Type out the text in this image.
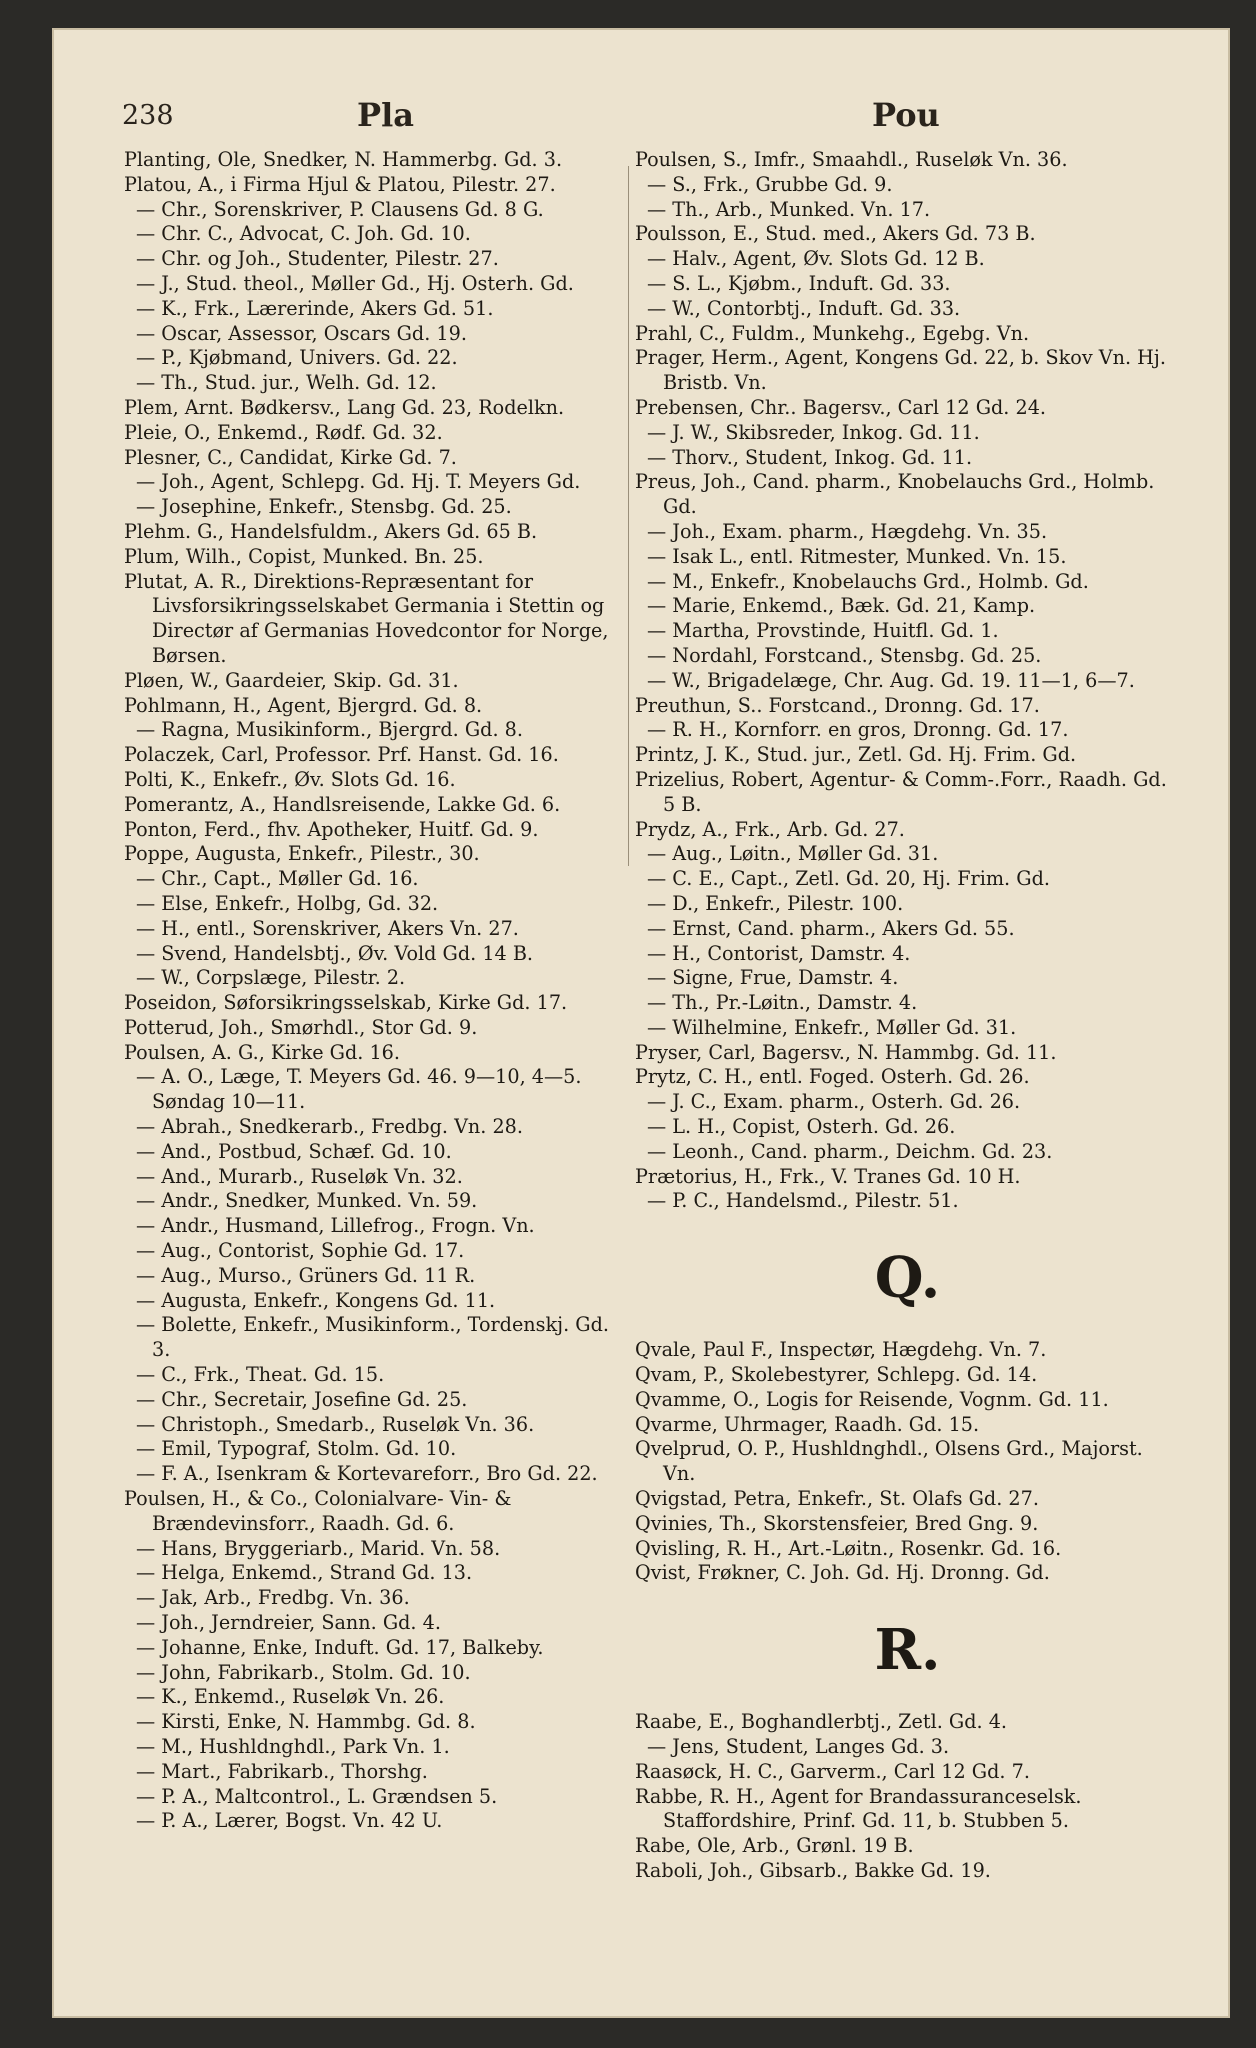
238	Pla	Pou
Planting, Ole, Snedker, N. Hammerbg. Gd. 3.
Platou, A., i Firma Hjul & Platou, Pilestr. 27.
— Chr., Sorenskriver, P. Clausens Gd. 8 G.
— Chr. C., Advocat, C. Joh. Gd. 10.
— Chr. og Joh., Studenter, Pilestr. 27.
— J., Stud. theol., Møller Gd., Hj. Osterh. Gd.
— K., Frk., Lærerinde, Akers Gd. 51.
— Oscar, Assessor, Oscars Gd. 19.
— P., Kjøbmand, Univers. Gd. 22.
— Th., Stud. jur., Welh. Gd. 12.
Plem, Arnt. Bødkersv., Lang Gd. 23, Rodelkn.
Pleie, O., Enkemd., Rødf. Gd. 32.
Plesner, C., Candidat, Kirke Gd. 7.
— Joh., Agent, Schlepg. Gd. Hj. T. Meyers Gd.
— Josephine, Enkefr., Stensbg. Gd. 25.
Plehm. G., Handelsfuldm., Akers Gd. 65 B.
Plum, Wilh., Copist, Munked. Bn. 25.
Plutat, A. R., Direktions-Repræsentant for Livsforsikringsselskabet Germania i Stettin og Directør af Germanias Hovedcontor for Norge, Børsen.
Pløen, W., Gaardeier, Skip. Gd. 31.
Pohlmann, H., Agent, Bjergrd. Gd. 8.
— Ragna, Musikinform., Bjergrd. Gd. 8.
Polaczek, Carl, Professor. Prf. Hanst. Gd. 16.
Polti, K., Enkefr., Øv. Slots Gd. 16.
Pomerantz, A., Handlsreisende, Lakke Gd. 6.
Ponton, Ferd., fhv. Apotheker, Huitf. Gd. 9.
Poppe, Augusta, Enkefr., Pilestr., 30.
— Chr., Capt., Møller Gd. 16.
— Else, Enkefr., Holbg, Gd. 32.
— H., entl., Sorenskriver, Akers Vn. 27.
— Svend, Handelsbtj., Øv. Vold Gd. 14 B.
— W., Corpslæge, Pilestr. 2.
Poseidon, Søforsikringsselskab, Kirke Gd. 17.
Potterud, Joh., Smørhdl., Stor Gd. 9.
Poulsen, A. G., Kirke Gd. 16.
— A. O., Læge, T. Meyers Gd. 46. 9—10, 4—5. Søndag 10—11.
— Abrah., Snedkerarb., Fredbg. Vn. 28.
— And., Postbud, Schæf. Gd. 10.
— And., Murarb., Ruseløk Vn. 32.
— Andr., Snedker, Munked. Vn. 59.
— Andr., Husmand, Lillefrog., Frogn. Vn.
— Aug., Contorist, Sophie Gd. 17.
— Aug., Murso., Grüners Gd. 11 R.
— Augusta, Enkefr., Kongens Gd. 11.
— Bolette, Enkefr., Musikinform., Tordenskj. Gd. 3.
— C., Frk., Theat. Gd. 15.
— Chr., Secretair, Josefine Gd. 25.
— Christoph., Smedarb., Ruseløk Vn. 36.
— Emil, Typograf, Stolm. Gd. 10.
— F. A., Isenkram & Kortevareforr., Bro Gd. 22.
Poulsen, H., & Co., Colonialvare- Vin- & Brændevinsforr., Raadh. Gd. 6.
— Hans, Bryggeriarb., Marid. Vn. 58.
— Helga, Enkemd., Strand Gd. 13.
— Jak, Arb., Fredbg. Vn. 36.
— Joh., Jerndreier, Sann. Gd. 4.
— Johanne, Enke, Induft. Gd. 17, Balkeby.
— John, Fabrikarb., Stolm. Gd. 10.
— K., Enkemd., Ruseløk Vn. 26.
— Kirsti, Enke, N. Hammbg. Gd. 8.
— M., Hushldnghdl., Park Vn. 1.
— Mart., Fabrikarb., Thorshg.
— P. A., Maltcontrol., L. Grændsen 5.
— P. A., Lærer, Bogst. Vn. 42 U.
Poulsen, S., Imfr., Smaahdl., Ruseløk Vn. 36.
— S., Frk., Grubbe Gd. 9.
— Th., Arb., Munked. Vn. 17.
Poulsson, E., Stud. med., Akers Gd. 73 B.
— Halv., Agent, Øv. Slots Gd. 12 B.
— S. L., Kjøbm., Induft. Gd. 33.
— W., Contorbtj., Induft. Gd. 33.
Prahl, C., Fuldm., Munkehg., Egebg. Vn.
Prager, Herm., Agent, Kongens Gd. 22, b. Skov Vn. Hj. Bristb. Vn.
Prebensen, Chr.. Bagersv., Carl 12 Gd. 24.
— J. W., Skibsreder, Inkog. Gd. 11.
— Thorv., Student, Inkog. Gd. 11.
Preus, Joh., Cand. pharm., Knobelauchs Grd., Holmb. Gd.
— Joh., Exam. pharm., Hægdehg. Vn. 35.
— Isak L., entl. Ritmester, Munked. Vn. 15.
— M., Enkefr., Knobelauchs Grd., Holmb. Gd.
— Marie, Enkemd., Bæk. Gd. 21, Kamp.
— Martha, Provstinde, Huitfl. Gd. 1.
— Nordahl, Forstcand., Stensbg. Gd. 25.
— W., Brigadelæge, Chr. Aug. Gd. 19. 11—1, 6—7.
Preuthun, S.. Forstcand., Dronng. Gd. 17.
— R. H., Kornforr. en gros, Dronng. Gd. 17.
Printz, J. K., Stud. jur., Zetl. Gd. Hj. Frim. Gd.
Prizelius, Robert, Agentur- & Comm-.Forr., Raadh. Gd. 5 B.
Prydz, A., Frk., Arb. Gd. 27.
— Aug., Løitn., Møller Gd. 31.
— C. E., Capt., Zetl. Gd. 20, Hj. Frim. Gd.
— D., Enkefr., Pilestr. 100.
— Ernst, Cand. pharm., Akers Gd. 55.
— H., Contorist, Damstr. 4.
— Signe, Frue, Damstr. 4.
— Th., Pr.-Løitn., Damstr. 4.
— Wilhelmine, Enkefr., Møller Gd. 31.
Pryser, Carl, Bagersv., N. Hammbg. Gd. 11.
Prytz, C. H., entl. Foged. Osterh. Gd. 26.
— J. C., Exam. pharm., Osterh. Gd. 26.
— L. H., Copist, Osterh. Gd. 26.
— Leonh., Cand. pharm., Deichm. Gd. 23.
Prætorius, H., Frk., V. Tranes Gd. 10 H.
— P. C., Handelsmd., Pilestr. 51.
Q.
Qvale, Paul F., Inspectør, Hægdehg. Vn. 7.
Qvam, P., Skolebestyrer, Schlepg. Gd. 14.
Qvamme, O., Logis for Reisende, Vognm. Gd. 11.
Qvarme, Uhrmager, Raadh. Gd. 15.
Qvelprud, O. P., Hushldnghdl., Olsens Grd., Majorst. Vn.
Qvigstad, Petra, Enkefr., St. Olafs Gd. 27.
Qvinies, Th., Skorstensfeier, Bred Gng. 9.
Qvisling, R. H., Art.-Løitn., Rosenkr. Gd. 16.
Qvist, Frøkner, C. Joh. Gd. Hj. Dronng. Gd.
R.
Raabe, E., Boghandlerbtj., Zetl. Gd. 4.
— Jens, Student, Langes Gd. 3.
Raasøck, H. C., Garverm., Carl 12 Gd. 7.
Rabbe, R. H., Agent for Brandassuranceselsk. Staffordshire, Prinf. Gd. 11, b. Stubben 5.
Rabe, Ole, Arb., Grønl. 19 B.
Raboli, Joh., Gibsarb., Bakke Gd. 19.
